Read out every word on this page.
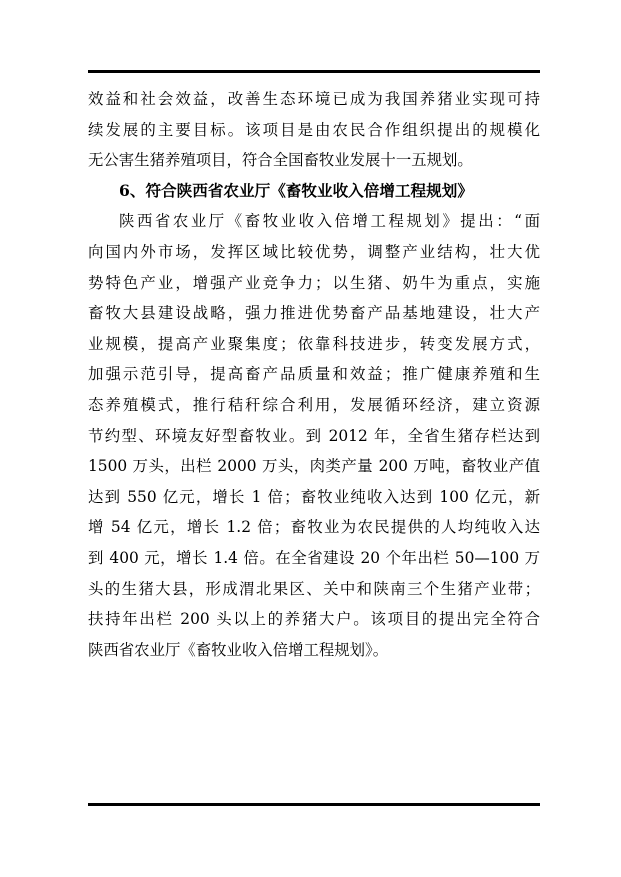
效益和社会效益，改善生态环境已成为我国养猪业实现可持
续发展的主要目标。该项目是由农民合作组织提出的规模化
无公害生猪养殖项目，符合全国畜牧业发展十一五规划。
6、符合陕西省农业厅《畜牧业收入倍增工程规划》
陕西省农业厅《畜牧业收入倍增工程规划》提出：“面
向国内外市场，发挥区域比较优势，调整产业结构，壮大优
势特色产业，增强产业竞争力；以生猪、奶牛为重点，实施
畜牧大县建设战略，强力推进优势畜产品基地建设，壮大产
业规模，提高产业聚集度；依靠科技进步，转变发展方式，
加强示范引导，提高畜产品质量和效益；推广健康养殖和生
态养殖模式，推行秸秆综合利用，发展循环经济，建立资源
节约型、环境友好型畜牧业。到 2012 年，全省生猪存栏达到
1500 万头，出栏 2000 万头，肉类产量 200 万吨，畜牧业产值
达到 550 亿元，增长 1 倍；畜牧业纯收入达到 100 亿元，新
增 54 亿元，增长 1.2 倍；畜牧业为农民提供的人均纯收入达
到 400 元，增长 1.4 倍。在全省建设 20 个年出栏 50—100 万
头的生猪大县，形成渭北果区、关中和陕南三个生猪产业带；
扶持年出栏 200 头以上的养猪大户。该项目的提出完全符合
陕西省农业厅《畜牧业收入倍增工程规划》。
